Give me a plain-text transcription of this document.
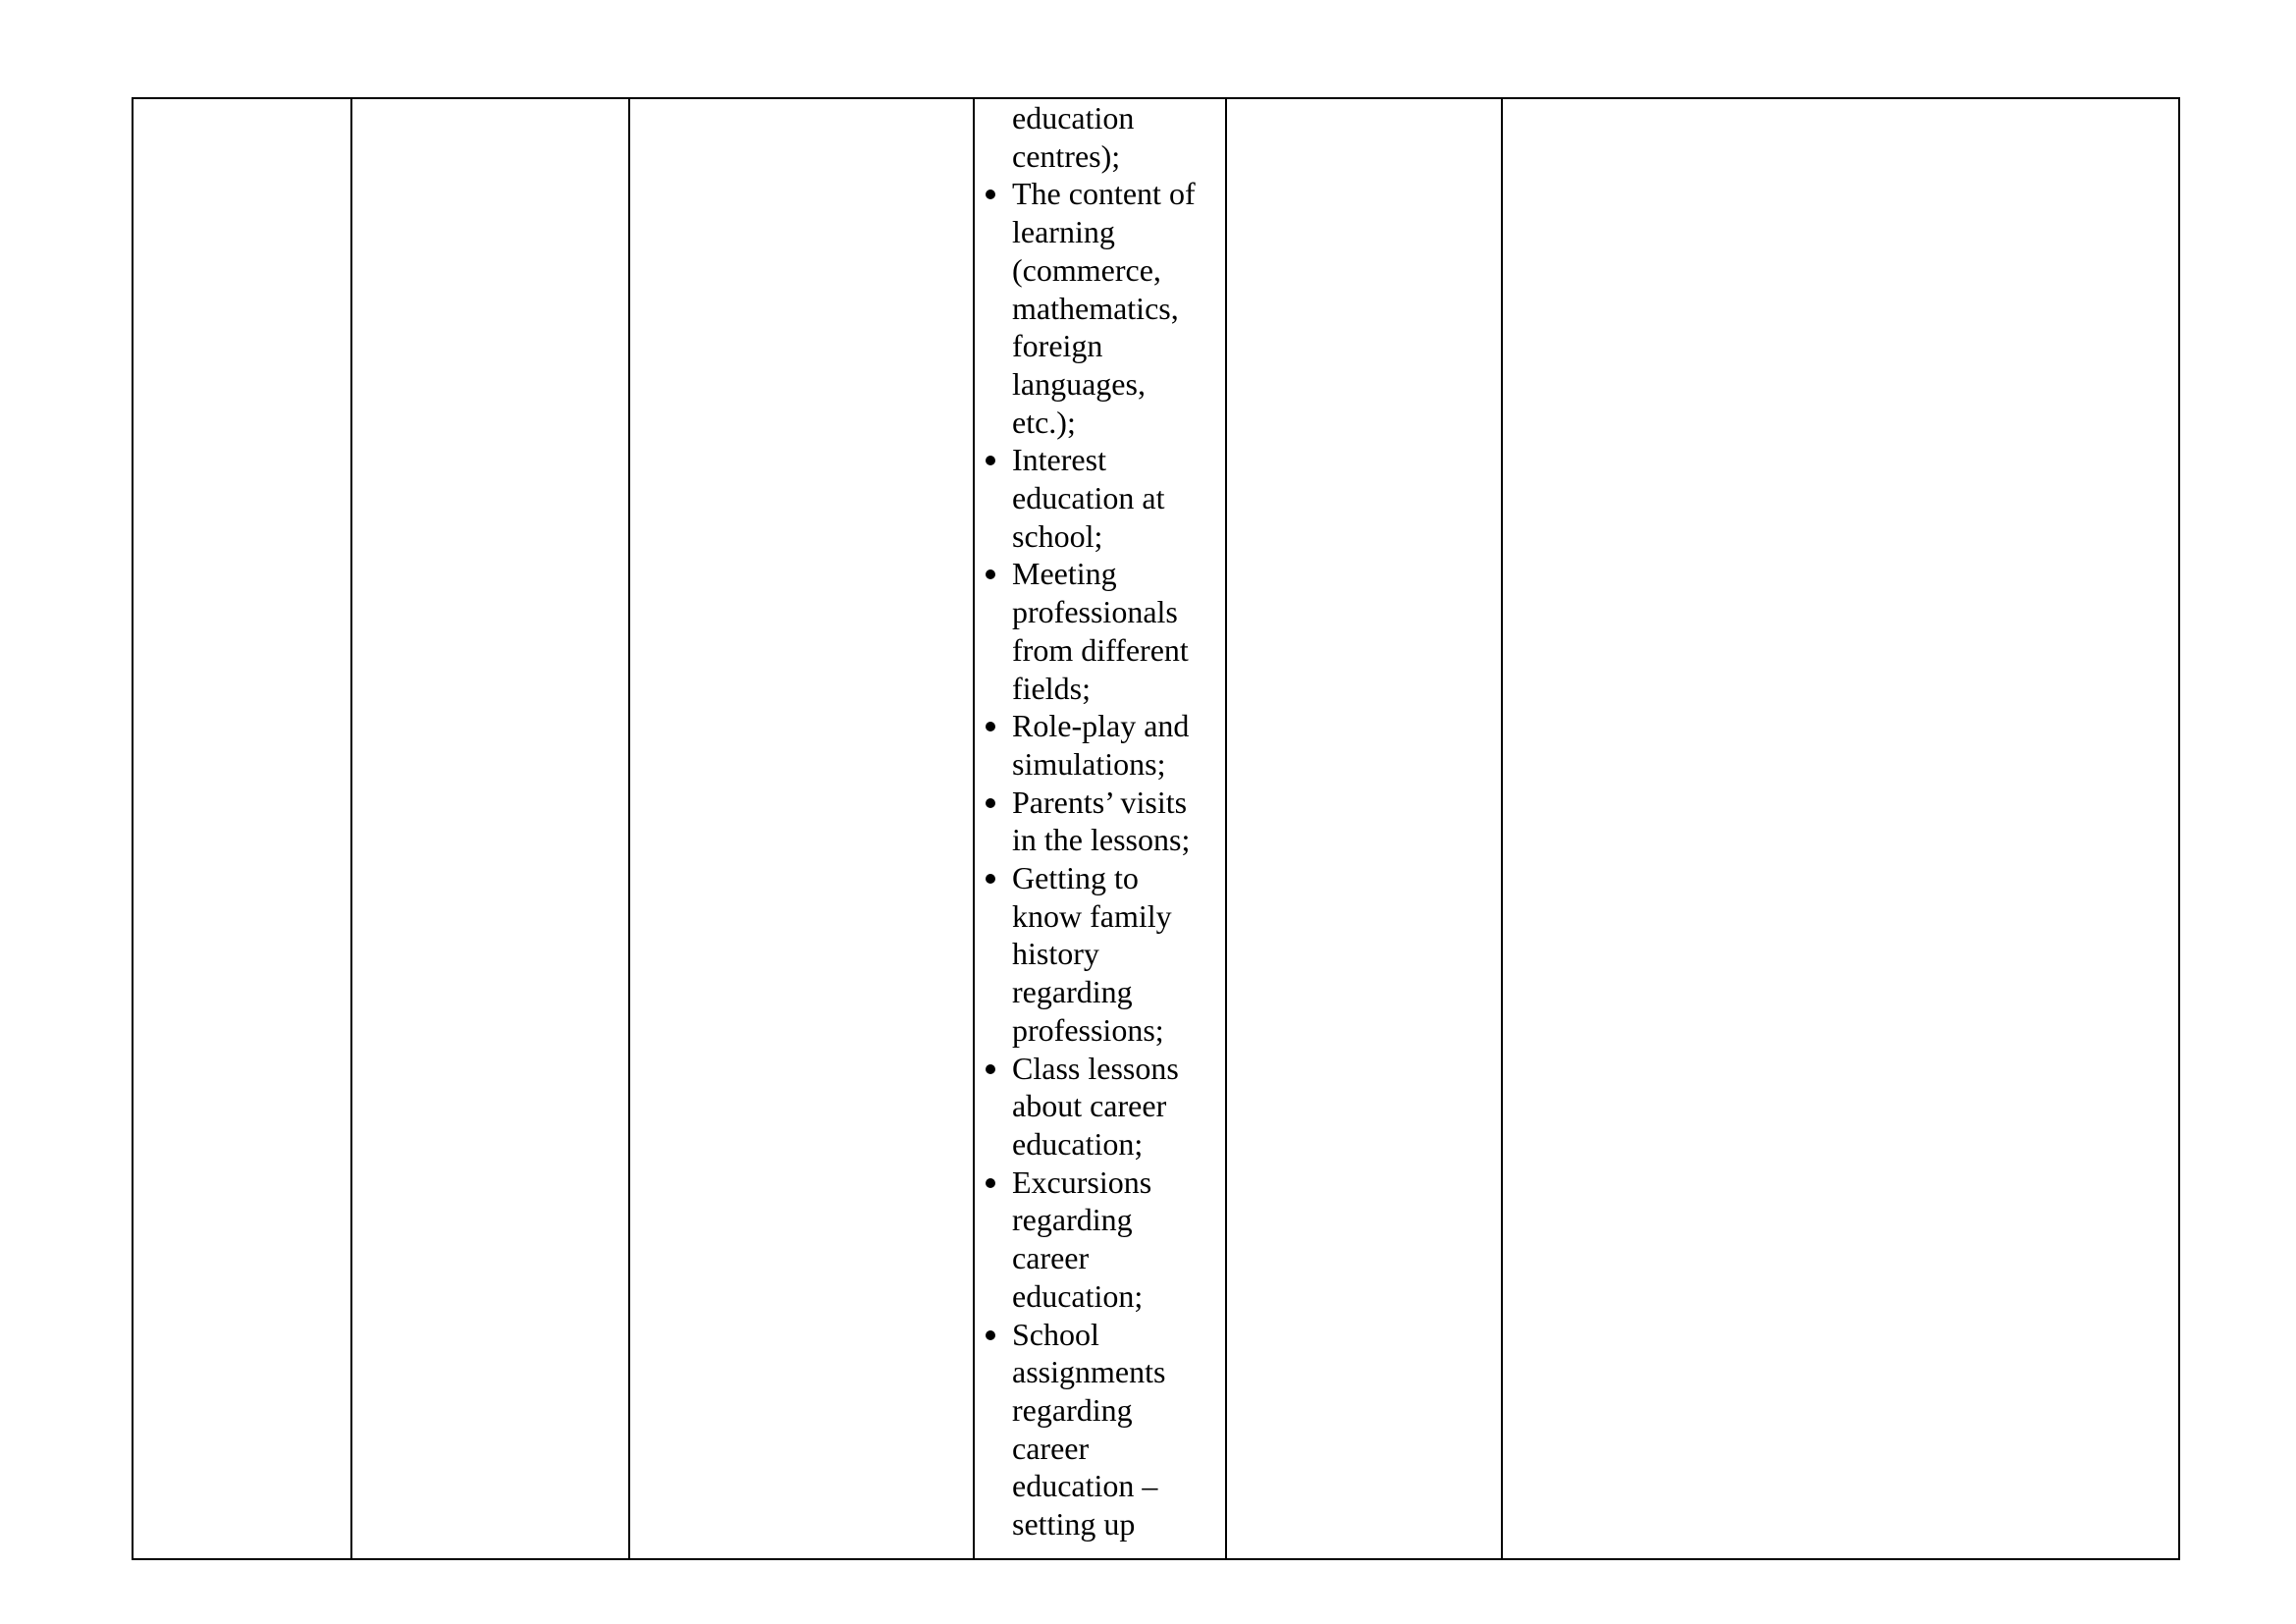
education
centres);
The content of
learning
(commerce,
mathematics,
foreign
languages,
etc.);
Interest
education at
school;
Meeting
professionals
from different
fields;
Role-play and
simulations;
Parents’ visits
in the lessons;
Getting to
know family
history
regarding
professions;
Class lessons
about career
education;
Excursions
regarding
career
education;
School
assignments
regarding
career
education –
setting up
